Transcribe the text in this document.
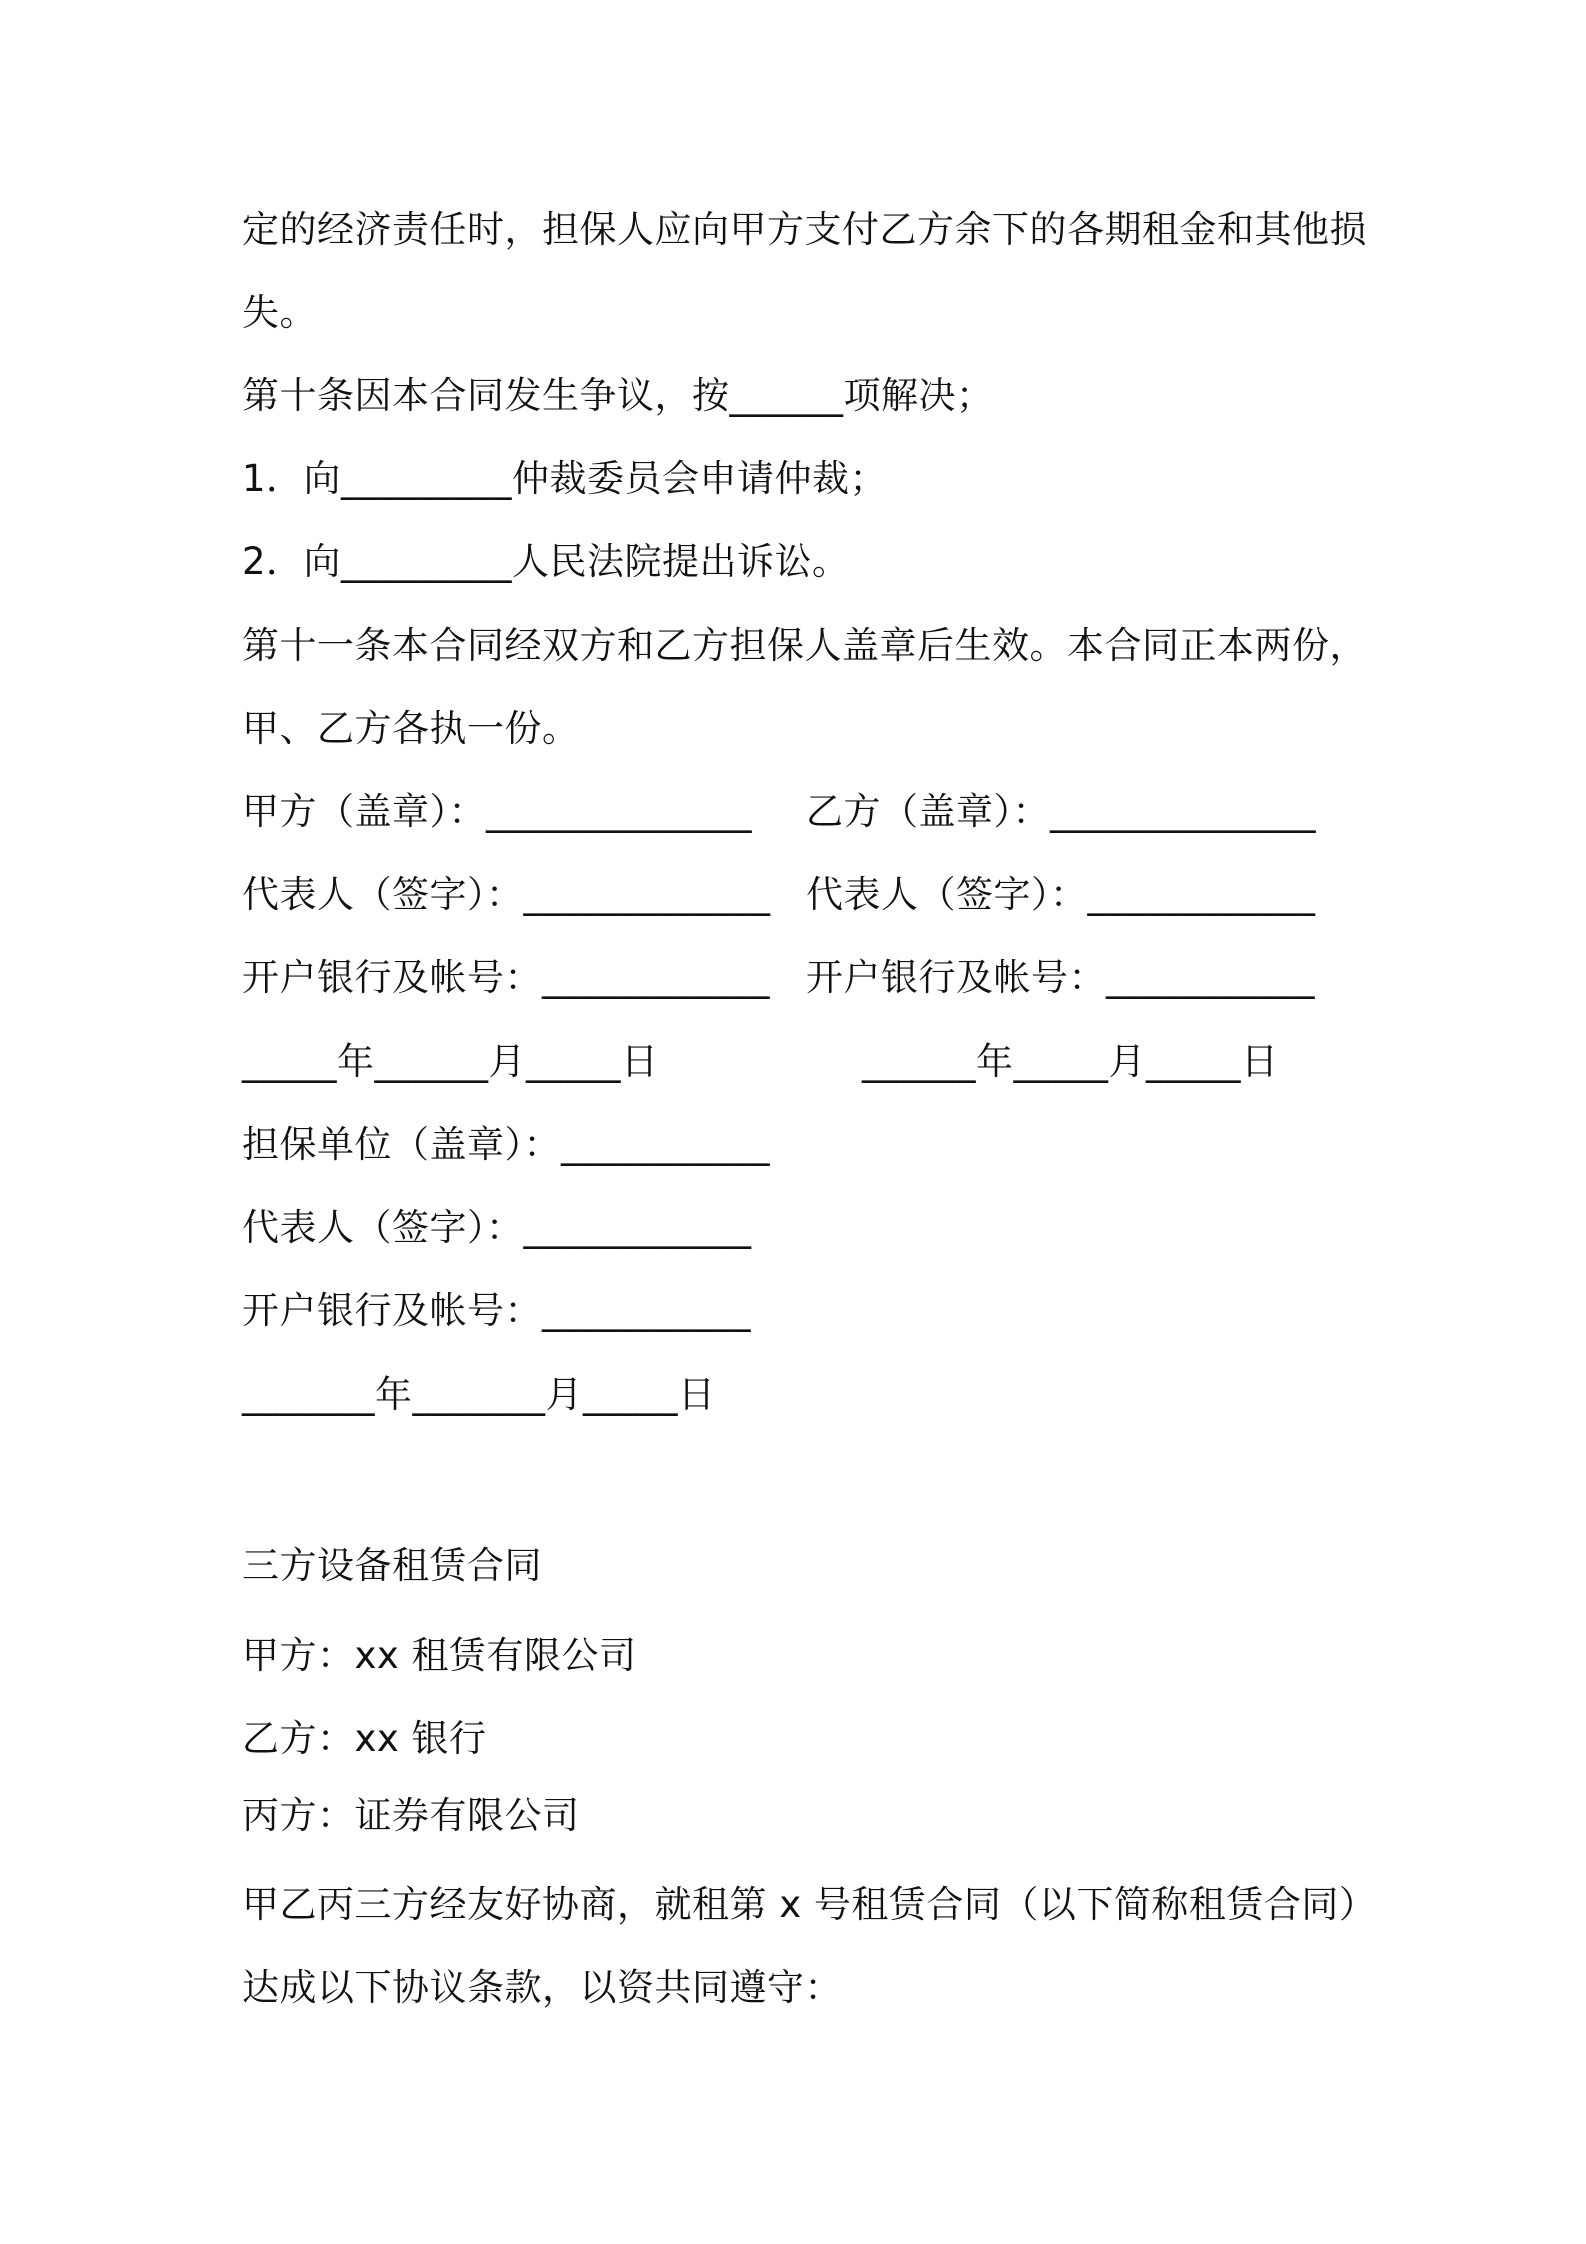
定的经济责任时，担保人应向甲方支付乙方余下的各期租金和其他损
失。
第十条因本合同发生争议，按______项解决；
1．向_________仲裁委员会申请仲裁；
2．向_________人民法院提出诉讼。
第十一条本合同经双方和乙方担保人盖章后生效。本合同正本两份，
甲、乙方各执一份。
甲方（盖章）：______________ 乙方（盖章）：______________
代表人（签字）：_____________ 代表人（签字）：____________
开户银行及帐号：____________ 开户银行及帐号：___________
_____年______月_____日	______年_____月_____日
担保单位（盖章）：___________
代表人（签字）：____________
开户银行及帐号：___________
_______年_______月_____日
三方设备租赁合同
甲方：xx 租赁有限公司
乙方：xx 银行
丙方：证券有限公司
甲乙丙三方经友好协商，就租第 x 号租赁合同（以下简称租赁合同）
达成以下协议条款，以资共同遵守：
